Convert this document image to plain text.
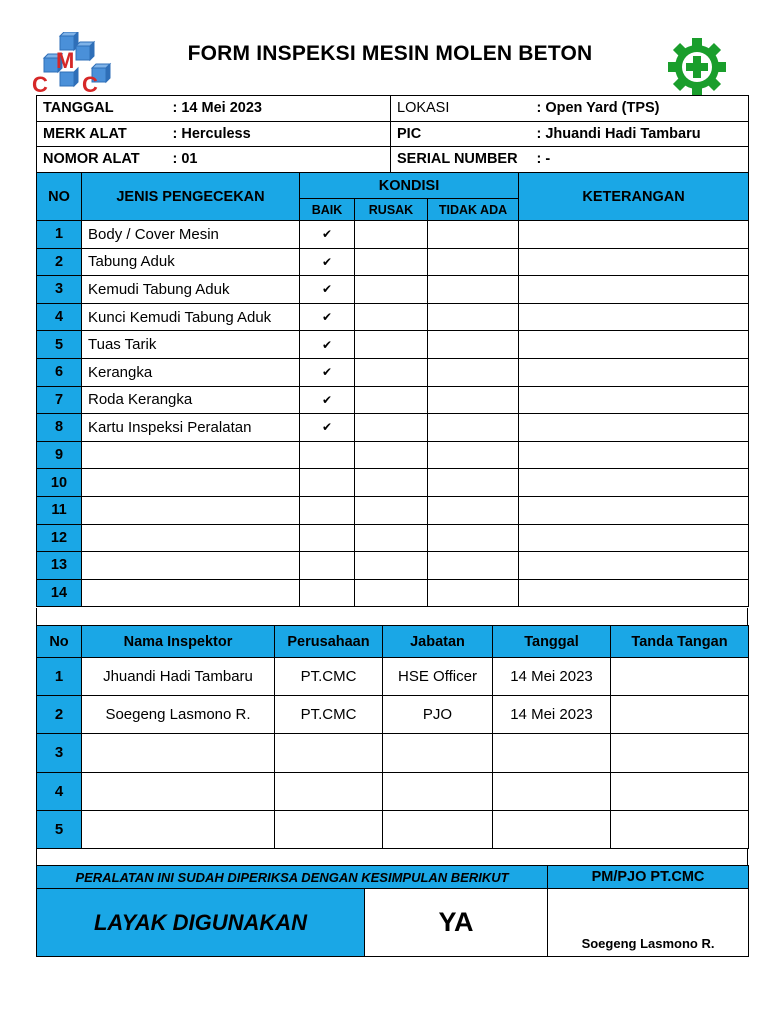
M
C C
FORM INSPEKSI MESIN MOLEN BETON
TANGGAL	: 14 Mei 2023	LOKASI	: Open Yard (TPS)
MERK ALAT	: Herculess	PIC	: Jhuandi Hadi Tambaru
NOMOR ALAT	: 01	SERIAL NUMBER	: -
NO	JENIS PENGECEKAN	KONDISI			KETERANGAN
		BAIK	RUSAK	TIDAK ADA	
1	Body / Cover Mesin	✔			
2	Tabung Aduk	✔			
3	Kemudi Tabung Aduk	✔			
4	Kunci Kemudi Tabung Aduk	✔			
5	Tuas Tarik	✔			
6	Kerangka	✔			
7	Roda Kerangka	✔			
8	Kartu Inspeksi Peralatan	✔			
9					
10					
11					
12					
13					
14					
No	Nama Inspektor	Perusahaan	Jabatan	Tanggal	Tanda Tangan
1	Jhuandi Hadi Tambaru	PT.CMC	HSE Officer	14 Mei 2023	
2	Soegeng Lasmono R.	PT.CMC	PJO	14 Mei 2023	
3					
4					
5					
PERALATAN INI SUDAH DIPERIKSA DENGAN KESIMPULAN BERIKUT		PM/PJO PT.CMC
LAYAK DIGUNAKAN	YA	Soegeng Lasmono R.
